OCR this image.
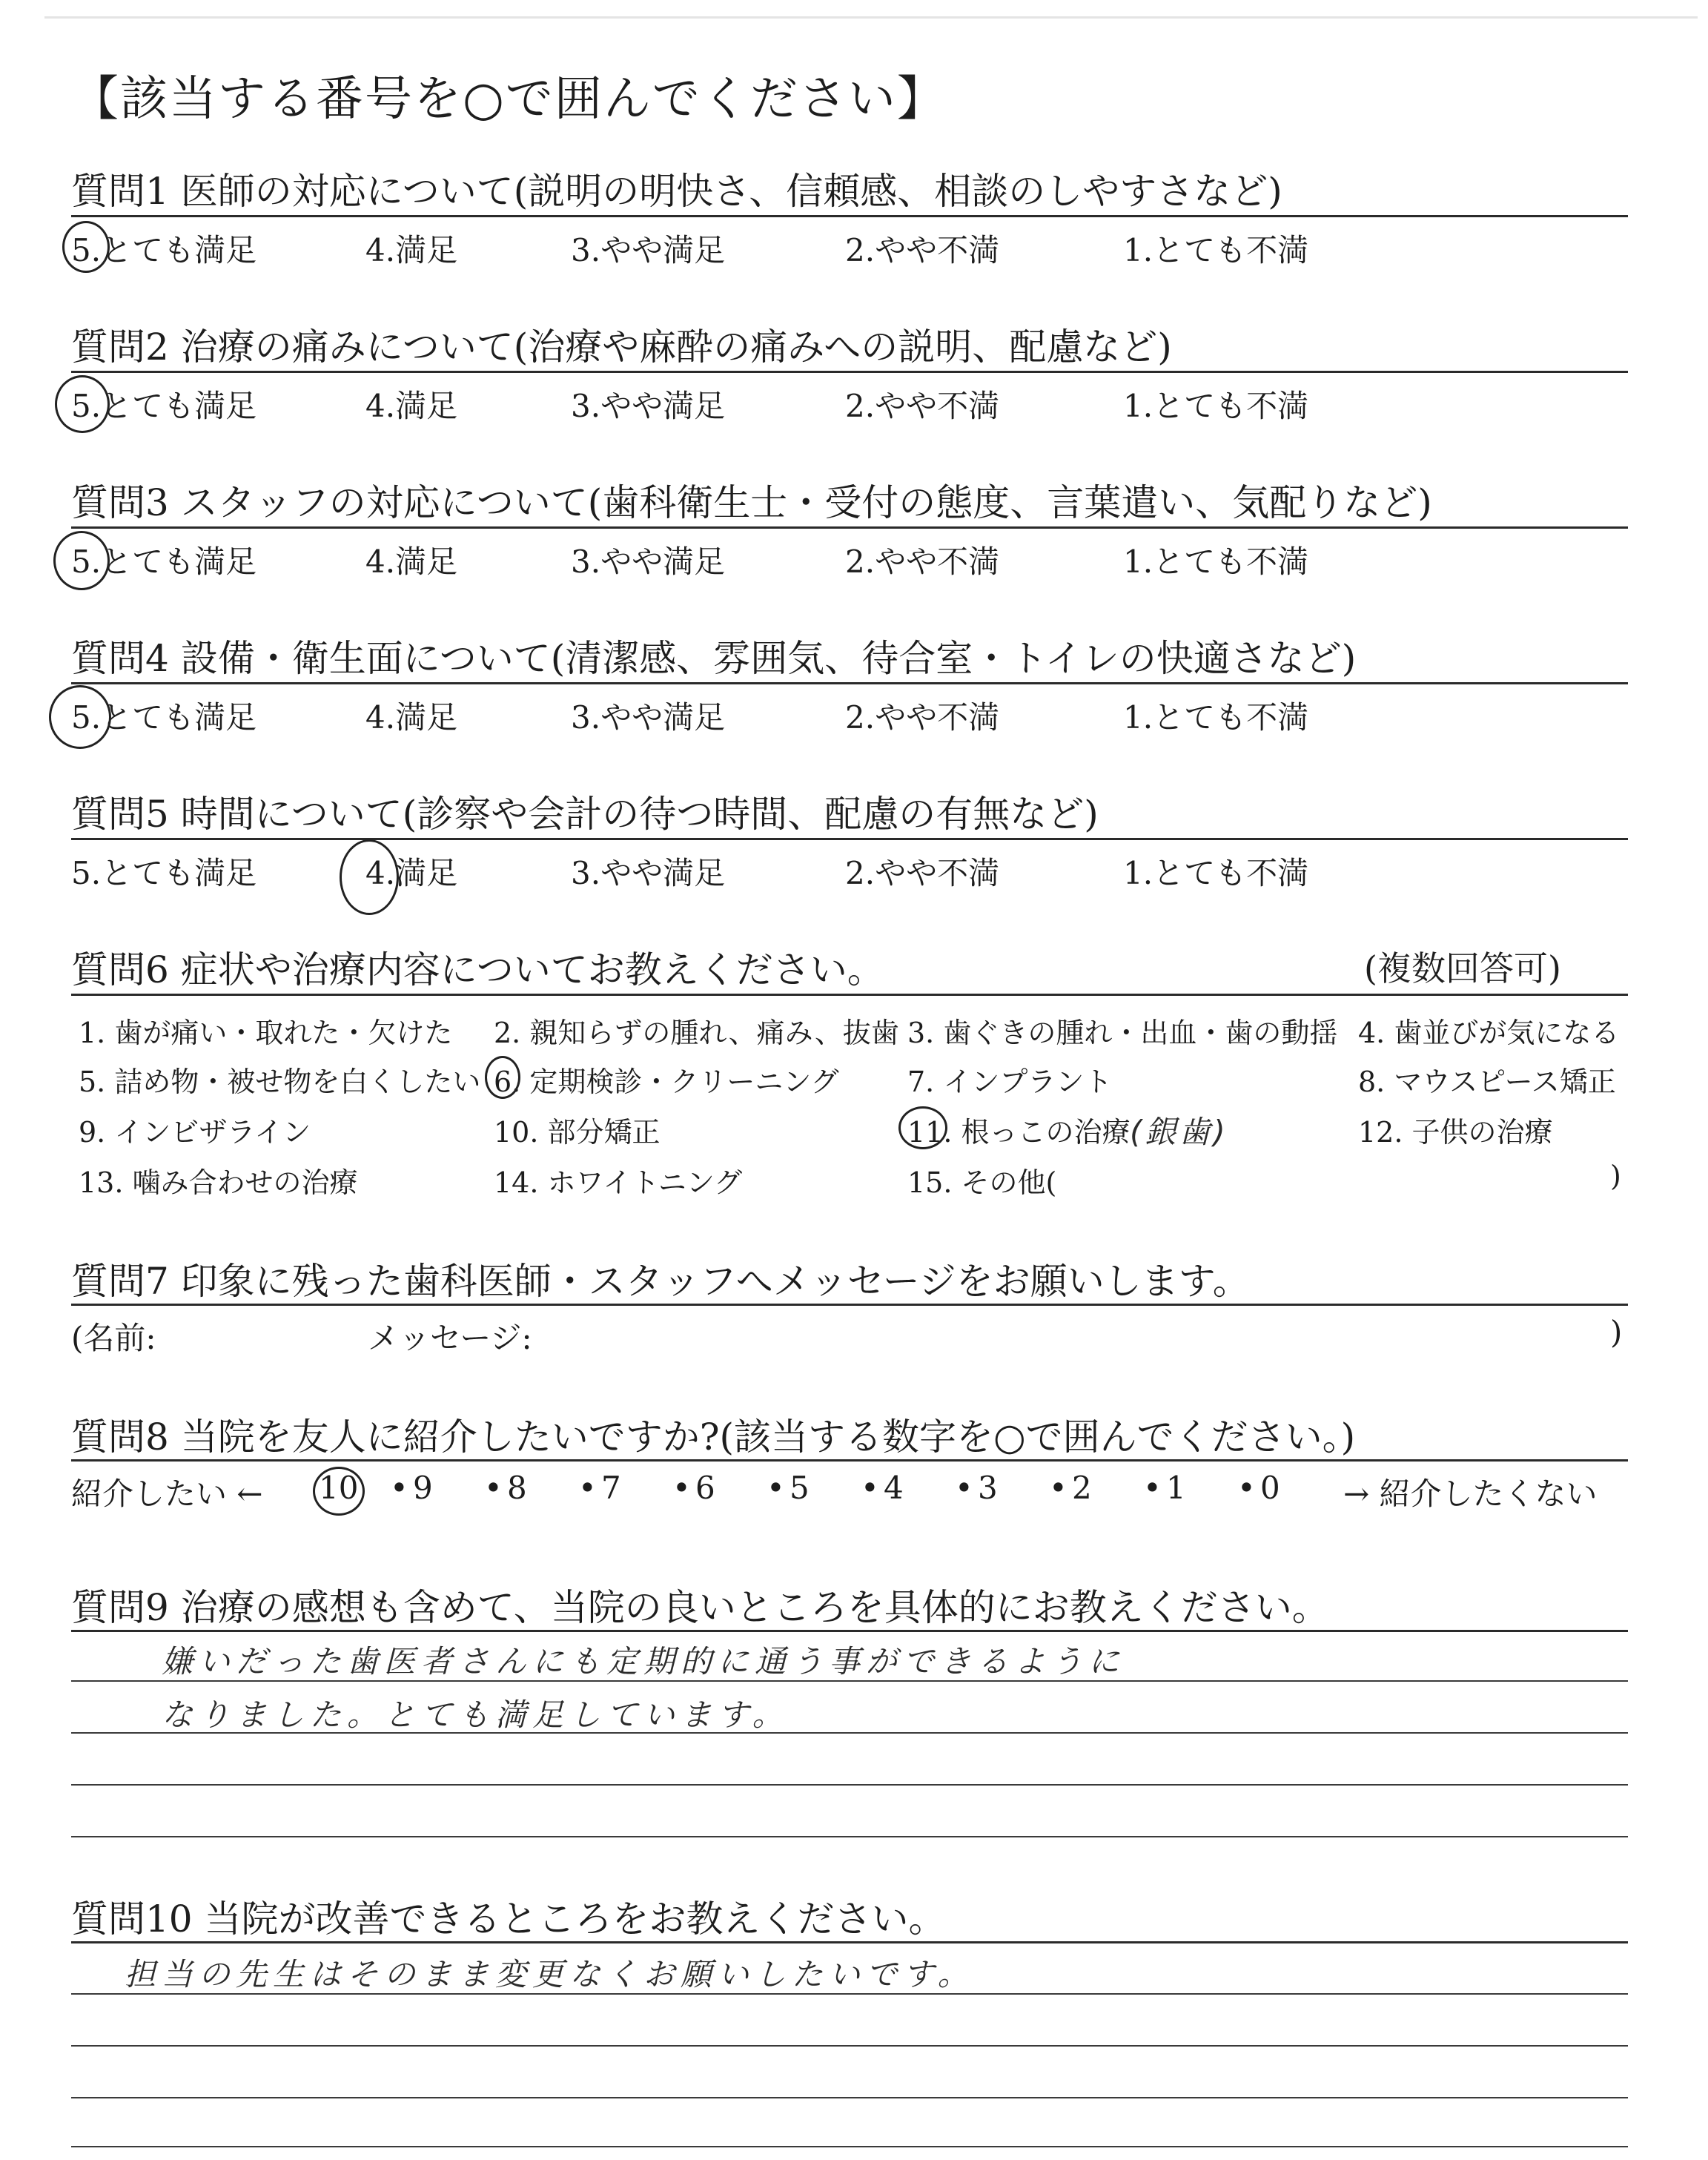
【該当する番号を○で囲んでください】
質問1 医師の対応について(説明の明快さ、信頼感、相談のしやすさなど)
5.とても満足	4.満足	3.やや満足	2.やや不満	1.とても不満
質問2 治療の痛みについて(治療や麻酔の痛みへの説明、配慮など)
5.とても満足	4.満足	3.やや満足	2.やや不満	1.とても不満
質問3 スタッフの対応について(歯科衛生士・受付の態度、言葉遣い、気配りなど)
5.とても満足	4.満足	3.やや満足	2.やや不満	1.とても不満
質問4 設備・衛生面について(清潔感、雰囲気、待合室・トイレの快適さなど)
5.とても満足	4.満足	3.やや満足	2.やや不満	1.とても不満
質問5 時間について(診察や会計の待つ時間、配慮の有無など)
5.とても満足	4.満足	3.やや満足	2.やや不満	1.とても不満
質問6 症状や治療内容についてお教えください。	(複数回答可)
1. 歯が痛い・取れた・欠けた 2. 親知らずの腫れ、痛み、抜歯 3. 歯ぐきの腫れ・出血・歯の動揺 4. 歯並びが気になる
5. 詰め物・被せ物を白くしたい 6. 定期検診・クリーニング 7. インプラント	8. マウスピース矯正
9. インビザライン	10. 部分矯正	11. 根っこの治療 (銀歯)	12. 子供の治療
13. 噛み合わせの治療	14. ホワイトニング	15. その他(	)
質問7 印象に残った歯科医師・スタッフへメッセージをお願いします。
(名前:	メッセージ:	)
質問8 当院を友人に紹介したいですか?(該当する数字を○で囲んでください。)
紹介したい ← 10 • 9 • 8 • 7 • 6 • 5 • 4 • 3 • 2 • 1 • 0 → 紹介したくない
質問9 治療の感想も含めて、当院の良いところを具体的にお教えください。
嫌いだった歯医者さんにも定期的に通う事ができるように
なりました。とても満足しています。
質問10 当院が改善できるところをお教えください。
担当の先生はそのまま変更なくお願いしたいです。
